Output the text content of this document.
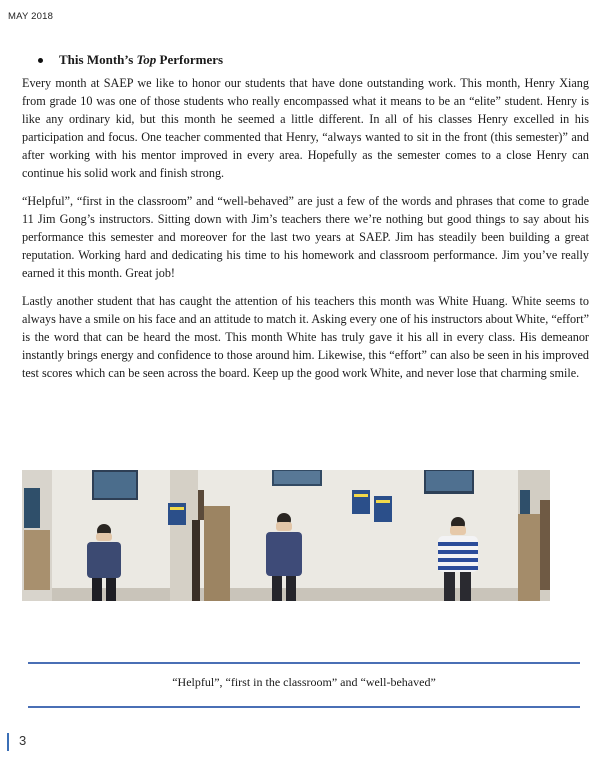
MAY 2018
This Month’s Top Performers

Every month at SAEP we like to honor our students that have done outstanding work. This month, Henry Xiang from grade 10 was one of those students who really encompassed what it means to be an “elite” student. Henry is like any ordinary kid, but this month he seemed a little different. In all of his classes Henry excelled in his participation and focus. One teacher commented that Henry, “always wanted to sit in the front (this semester)” and after working with his mentor improved in every area. Hopefully as the semester comes to a close Henry can continue his solid work and finish strong.

“Helpful”, “first in the classroom” and “well-behaved” are just a few of the words and phrases that come to grade 11 Jim Gong’s instructors. Sitting down with Jim’s teachers there we’re nothing but good things to say about his performance this semester and moreover for the last two years at SAEP. Jim has steadily been building a great reputation. Working hard and dedicating his time to his homework and classroom performance. Jim you’ve really earned it this month. Great job!

Lastly another student that has caught the attention of his teachers this month was White Huang. White seems to always have a smile on his face and an attitude to match it. Asking every one of his instructors about White, “effort” is the word that can be heard the most. This month White has truly gave it his all in every class. His demeanor instantly brings energy and confidence to those around him. Likewise, this “effort” can also be seen in his improved test scores which can be seen across the board. Keep up the good work White, and never lose that charming smile.

“Helpful”, “first in the classroom” and “well-behaved”
3
